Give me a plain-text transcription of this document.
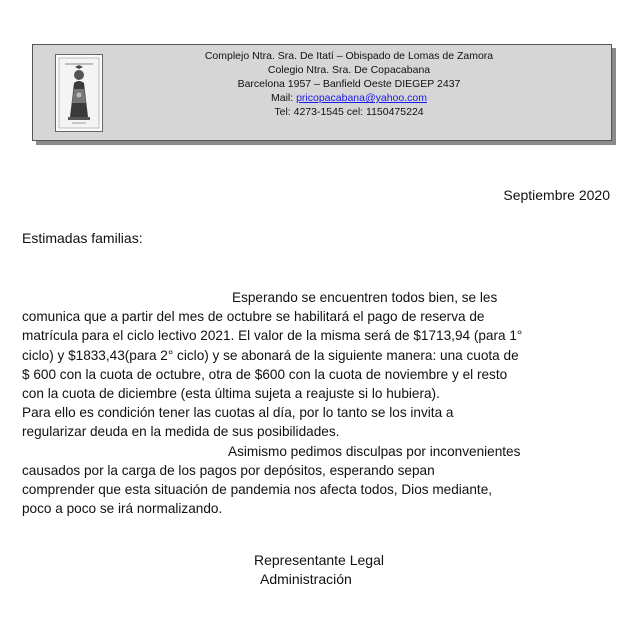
Complejo Ntra. Sra. De Itatí – Obispado de Lomas de Zamora
Colegio Ntra. Sra. De Copacabana
Barcelona 1957 – Banfield Oeste DIEGEP 2437
Mail: pricopacabana@yahoo.com
Tel: 4273-1545 cel: 1150475224
Septiembre 2020
Estimadas familias:
Esperando se encuentren todos bien, se les
comunica que a partir del mes de octubre se habilitará el pago de reserva de
matrícula para el ciclo lectivo 2021. El valor de la misma será de $1713,94 (para 1°
ciclo) y $1833,43(para 2° ciclo) y se abonará de la siguiente manera: una cuota de
$ 600 con la cuota de octubre, otra de $600 con la cuota de noviembre y el resto
con la cuota de diciembre (esta última sujeta a reajuste si lo hubiera).
Para ello es condición tener las cuotas al día, por lo tanto se los invita a
regularizar deuda en la medida de sus posibilidades.
Asimismo pedimos disculpas por inconvenientes
causados por la carga de los pagos por depósitos, esperando sepan
comprender que esta situación de pandemia nos afecta todos, Dios mediante,
poco a poco se irá normalizando.
Representante Legal
Administración
